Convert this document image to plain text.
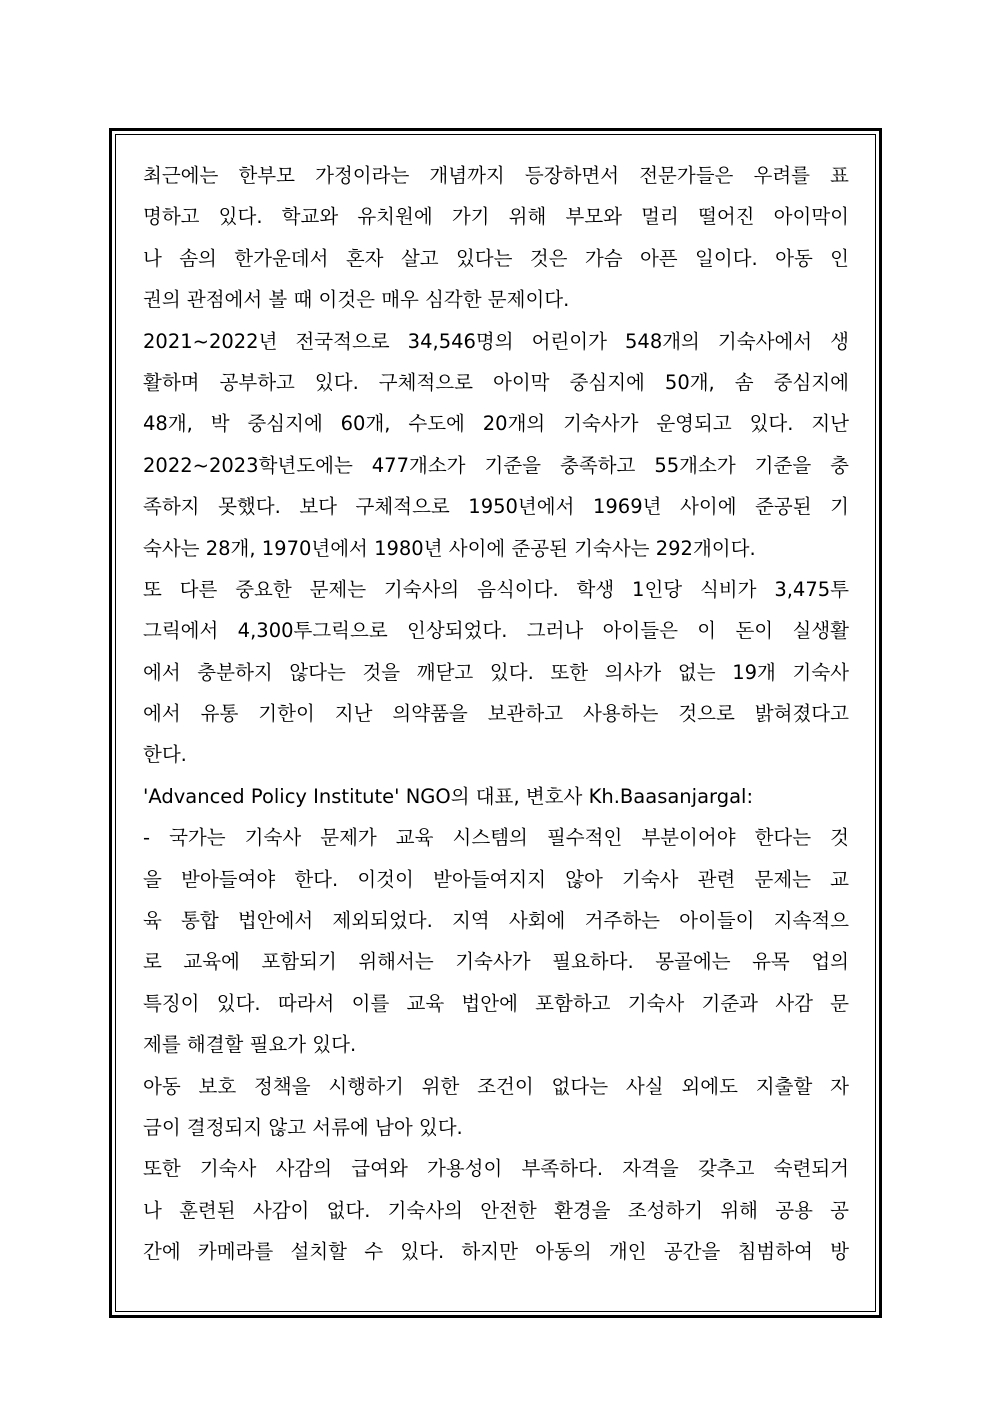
최근에는 한부모 가정이라는 개념까지 등장하면서 전문가들은 우려를 표
명하고 있다. 학교와 유치원에 가기 위해 부모와 멀리 떨어진 아이막이
나 솜의 한가운데서 혼자 살고 있다는 것은 가슴 아픈 일이다. 아동 인
권의 관점에서 볼 때 이것은 매우 심각한 문제이다.
2021~2022년 전국적으로 34,546명의 어린이가 548개의 기숙사에서 생
활하며 공부하고 있다. 구체적으로 아이막 중심지에 50개, 솜 중심지에
48개, 박 중심지에 60개, 수도에 20개의 기숙사가 운영되고 있다. 지난
2022~2023학년도에는 477개소가 기준을 충족하고 55개소가 기준을 충
족하지 못했다. 보다 구체적으로 1950년에서 1969년 사이에 준공된 기
숙사는 28개, 1970년에서 1980년 사이에 준공된 기숙사는 292개이다.
또 다른 중요한 문제는 기숙사의 음식이다. 학생 1인당 식비가 3,475투
그릭에서 4,300투그릭으로 인상되었다. 그러나 아이들은 이 돈이 실생활
에서 충분하지 않다는 것을 깨닫고 있다. 또한 의사가 없는 19개 기숙사
에서 유통 기한이 지난 의약품을 보관하고 사용하는 것으로 밝혀졌다고
한다.
'Advanced Policy Institute' NGO의 대표, 변호사 Kh.Baasanjargal:
- 국가는 기숙사 문제가 교육 시스템의 필수적인 부분이어야 한다는 것
을 받아들여야 한다. 이것이 받아들여지지 않아 기숙사 관련 문제는 교
육 통합 법안에서 제외되었다. 지역 사회에 거주하는 아이들이 지속적으
로 교육에 포함되기 위해서는 기숙사가 필요하다. 몽골에는 유목 업의
특징이 있다. 따라서 이를 교육 법안에 포함하고 기숙사 기준과 사감 문
제를 해결할 필요가 있다.
아동 보호 정책을 시행하기 위한 조건이 없다는 사실 외에도 지출할 자
금이 결정되지 않고 서류에 남아 있다.
또한 기숙사 사감의 급여와 가용성이 부족하다. 자격을 갖추고 숙련되거
나 훈련된 사감이 없다. 기숙사의 안전한 환경을 조성하기 위해 공용 공
간에 카메라를 설치할 수 있다. 하지만 아동의 개인 공간을 침범하여 방
